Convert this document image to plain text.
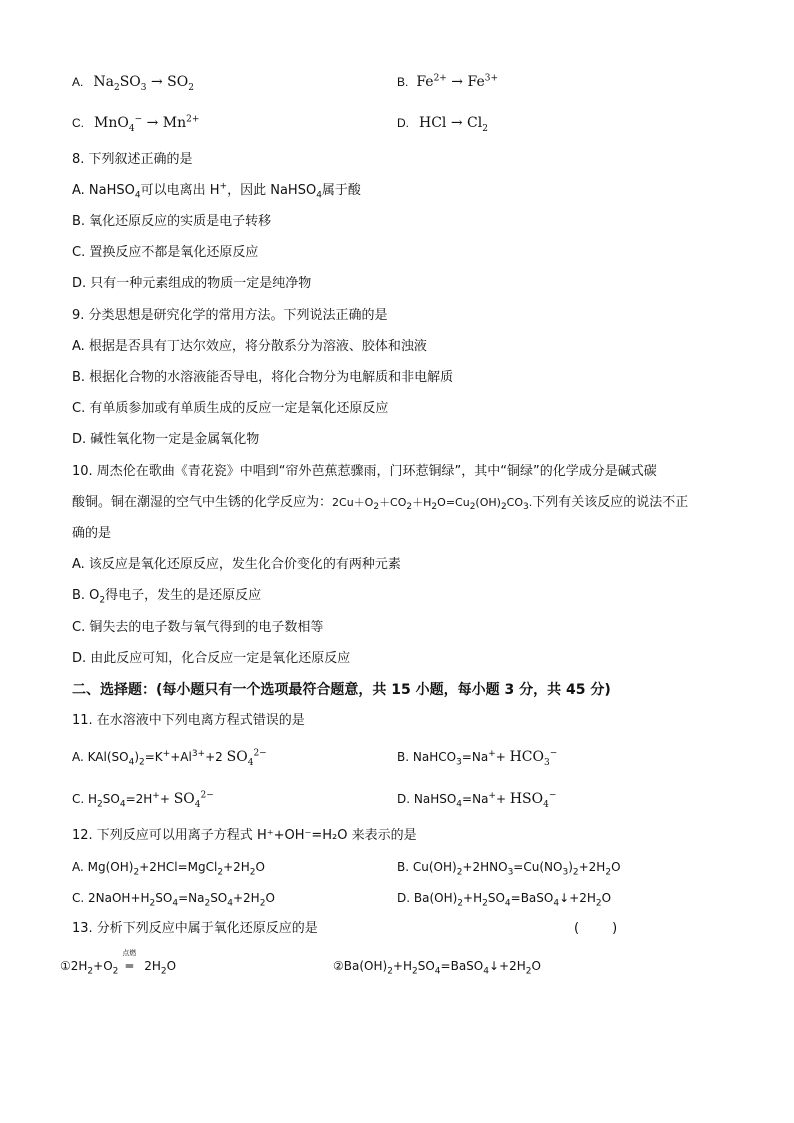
A. $Na_2SO_3 \to SO_2$	B. $Fe^{2+} \to Fe^{3+}$
C. $MnO_4^- \to Mn^{2+}$	D. HCl → $Cl_2$
8. 下列叙述正确的是
A. NaHSO$_4$可以电离出 H+，因此 NaHSO$_4$属于酸
B. 氧化还原反应的实质是电子转移
C. 置换反应不都是氧化还原反应
D. 只有一种元素组成的物质一定是纯净物
9. 分类思想是研究化学的常用方法。下列说法正确的是
A. 根据是否具有丁达尔效应，将分散系分为溶液、胶体和浊液
B. 根据化合物的水溶液能否导电，将化合物分为电解质和非电解质
C. 有单质参加或有单质生成的反应一定是氧化还原反应
D. 碱性氧化物一定是金属氧化物
10. 周杰伦在歌曲《青花瓷》中唱到“帘外芭蕉惹骤雨，门环惹铜绿”，其中“铜绿”的化学成分是碱式碳
酸铜。铜在潮湿的空气中生锈的化学反应为：$2Cu+O_2+CO_2+H_2O=Cu_2(OH)_2CO_3$.下列有关该反应的说法不正
确的是
A. 该反应是氧化还原反应，发生化合价变化的有两种元素
B. $O_2$得电子，发生的是还原反应
C. 铜失去的电子数与氧气得到的电子数相等
D. 由此反应可知，化合反应一定是氧化还原反应
二、选择题：(每小题只有一个选项最符合题意，共 15 小题，每小题 3 分，共 45 分)
11. 在水溶液中下列电离方程式错误的是
A. $KAl(SO_4)_2=K^++Al^{3+}+2$ $SO_4^{2-}$	B. NaHCO$_3$=Na++ $HCO_3^-$
C. $H_2SO_4=2H^++ SO_4^{2-}$	D. NaHSO$_4$=Na++ $HSO_4^-$
12. 下列反应可以用离子方程式 H⁺+OH⁻=H₂O 来表示的是
A. $Mg(OH)_2+2HCl=MgCl_2+2H_2O$	B. $Cu(OH)_2+2HNO_3=Cu(NO_3)_2+2H_2O$
C. $2NaOH+H_2SO_4=Na_2SO_4+2H_2O$	D. $Ba(OH)_2+H_2SO_4=BaSO_4↓+2H_2O$
13. 分析下列反应中属于氧化还原反应的是	(        )
$①2H_2+O_2$
点燃
═ $2H_2O$	$②Ba(OH)_2+H_2SO_4=BaSO_4↓+2H_2O$
